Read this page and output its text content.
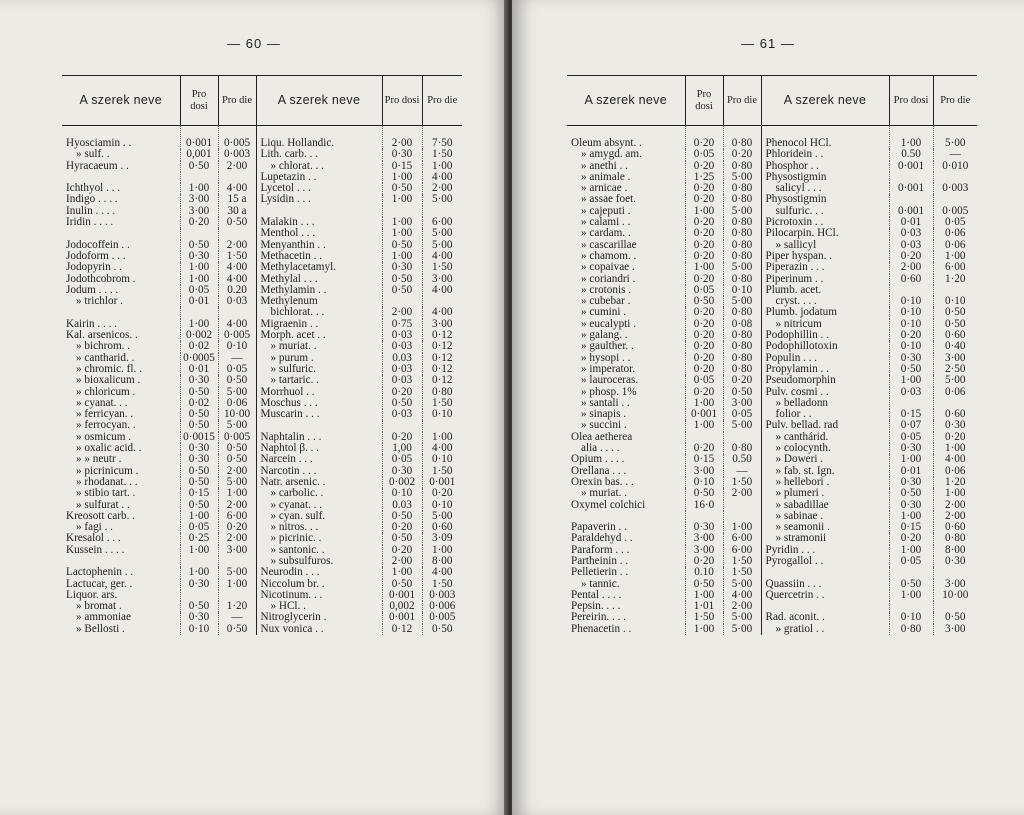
— 60 —
A szerek neve	Pro dosi	Pro die	A szerek neve	Pro dosi	Pro die
Hyosciamin . .	0·001	0·005	Liqu. Hollandic.	2·00	7·50
» sulf. .	0,001	0·003	Lith. carb. . .	0·30	1·50
Hyracaeum . .	0·50	2·00	» chlorat. . .	0·15	1·00
			Lupetazin . .	1·00	4·00
Ichthyol . . .	1·00	4·00	Lycetol . . .	0·50	2·00
Indigo . . . .	3·00	15 a	Lysidin . . .	1·00	5·00
Inulin . . . .	3·00	30 a			
Iridin . . . .	0·20	0·50	Malakin . . .	1·00	6·00
			Menthol . . .	1·00	5·00
Jodocoffein . .	0·50	2·00	Menyanthin . .	0·50	5·00
Jodoform . . .	0·30	1·50	Methacetin . .	1·00	4·00
Jodopyrin . .	1·00	4·00	Methylacetamyl.	0·30	1·50
Jodothcobrom .	1·00	4·00	Methylal . . .	0·50	3·00
Jodum . . . .	0·05	0.20	Methylamin . .	0·50	4·00
» trichlor .	0·01	0·03	Methylenum		
			bichlorat. . .	2·00	4·00
Kairin . . . .	1·00	4·00	Migraenin . .	0·75	3·00
Kal. arsenicos. .	0·002	0·005	Morph. acet . .	0·03	0·12
» bichrom. .	0·02	0·10	» muriat. .	0·03	0·12
» cantharid. .	0·0005	—	» purum .	0.03	0·12
» chromic. fl. .	0·01	0·05	» sulfuric.	0·03	0·12
» bioxalicum .	0·30	0·50	» tartaric. .	0·03	0·12
» chloricum .	0·50	5·00	Morrhuol . .	0·20	0·80
» cyanat. . .	0·02	0·06	Moschus . . .	0·50	1·50
» ferricyan. .	0·50	10·00	Muscarin . . .	0·03	0·10
» ferrocyan. .	0·50	5·00			
» osmicum .	0·0015	0·005	Naphtalin . . .	0·20	1·00
» oxalic acid. .	0·30	0·50	Naphtol β. . .	1,00	4·00
» » neutr .	0·30	0·50	Narcein . . .	0·05	0·10
» picrinicum .	0·50	2·00	Narcotin . . .	0·30	1·50
» rhodanat. . .	0·50	5·00	Natr. arsenic. .	0·002	0·001
» stibio tart. .	0·15	1·00	» carbolic. .	0·10	0·20
» sulfurat . .	0·50	2·00	» cyanat. . .	0.03	0·10
Kreosott carb. .	1·00	6·00	» cyan. sulf.	0·50	5·00
» fagi . .	0·05	0·20	» nitros. . .	0·20	0·60
Kresalol . . .	0·25	2·00	» picrinic. .	0·50	3·09
Kussein . . . .	1·00	3·00	» santonic. .	0·20	1·00
			» subsulfuros.	2·00	8·00
Lactophenin . .	1·00	5·00	Neurodin . . .	1·00	4·00
Lactucar, ger. .	0·30	1·00	Niccolum br. .	0·50	1·50
Liquor. ars.			Nicotinum. . .	0·001	0·003
» bromat .	0·50	1·20	» HCl. .	0,002	0·006
» ammoniae	0·30	—	Nitroglycerin .	0·001	0·005
» Bellosti .	0·10	0·50	Nux vonica . .	0·12	0·50
— 61 —
A szerek neve	Pro dosi	Pro die	A szerek neve	Pro dosi	Pro die
Oleum absynt. .	0·20	0·80	Phenocol HCl.	1·00	5·00
» amygd. am.	0·05	0·20	Phloridein . .	0.50	—
» anethi . .	0·20	0·80	Phosphor . .	0·001	0·010
» animale .	1·25	5·00	Physostigmin		
» arnicae .	0·20	0·80	salicyl . . .	0·001	0·003
» assae foet.	0·20	0·80	Physostigmin		
» cajeputi .	1·00	5·00	sulfuric. . .	0·001	0·005
» calami . .	0·20	0·80	Picrotoxin . .	0·01	0·05
» cardam. .	0·20	0·80	Pilocarpin. HCl.	0·03	0·06
» cascarillae	0·20	0·80	» sallicyl	0·03	0·06
» chamom. .	0·20	0·80	Piper hyspan. .	0·20	1·00
» copaivae .	1·00	5·00	Piperazin . . .	2·00	6·00
» coriandri .	0·20	0·80	Piperinum . .	0·60	1·20
» crotonis .	0·05	0·10	Plumb. acet.		
» cubebar .	0·50	5·00	cryst. . . .	0·10	0·10
» cumini .	0·20	0·80	Plumb. jodatum	0·10	0·50
» eucalypti .	0·20	0·08	» nitricum	0·10	0·50
» galang. .	0·20	0·80	Podophillin . .	0·20	0·60
» gaulther. .	0·20	0·80	Podophillotoxin	0·10	0·40
» hysopi . .	0·20	0·80	Populin . . .	0·30	3·00
» imperator.	0·20	0·80	Propylamin . .	0·50	2·50
» lauroceras.	0·05	0·20	Pseudomorphin	1·00	5·00
» phosp. 1%	0·20	0·50	Pulv. cosmi . .	0·03	0·06
» santali . .	1·00	3·00	» belladonn		
» sinapis .	0·001	0·05	folior . .	0·15	0·60
» succini .	1·00	5·00	Pulv. bellad. rad	0·07	0·30
Olea aetherea			» canthárid.	0·05	0·20
alia . . . .	0·20	0·80	» colocynth.	0·30	1·00
Opium . . . .	0·15	0.50	» Doweri .	1·00	4·00
Orellana . . .	3·00	—	» fab. st. Ign.	0·01	0·06
Orexin bas. . .	0·10	1·50	» hellebori .	0·30	1·20
» muriat. .	0·50	2·00	» plumeri .	0·50	1·00
Oxymel colchici	16·0		» sabadillae	0·30	2·00
			» sabinae .	1·00	2·00
Papaverin . .	0·30	1·00	» seamonii .	0·15	0·60
Paraldehyd . .	3·00	6·00	» stramonii	0·20	0·80
Paraform . . .	3·00	6·00	Pyridin . . .	1·00	8·00
Partheinin . .	0·20	1·50	Pyrogallol . .	0·05	0·30
Pelletierin . .	0.10	1·50			
» tannic.	0·50	5·00	Quassiin . . .	0·50	3·00
Pental . . . .	1·00	4·00	Quercetrin . .	1·00	10·00
Pepsin. . . .	1·01	2·00			
Pereirin. . . .	1·50	5·00	Rad. aconit. .	0·10	0·50
Phenacetin . .	1·00	5·00	» gratiol . .	0·80	3·00
